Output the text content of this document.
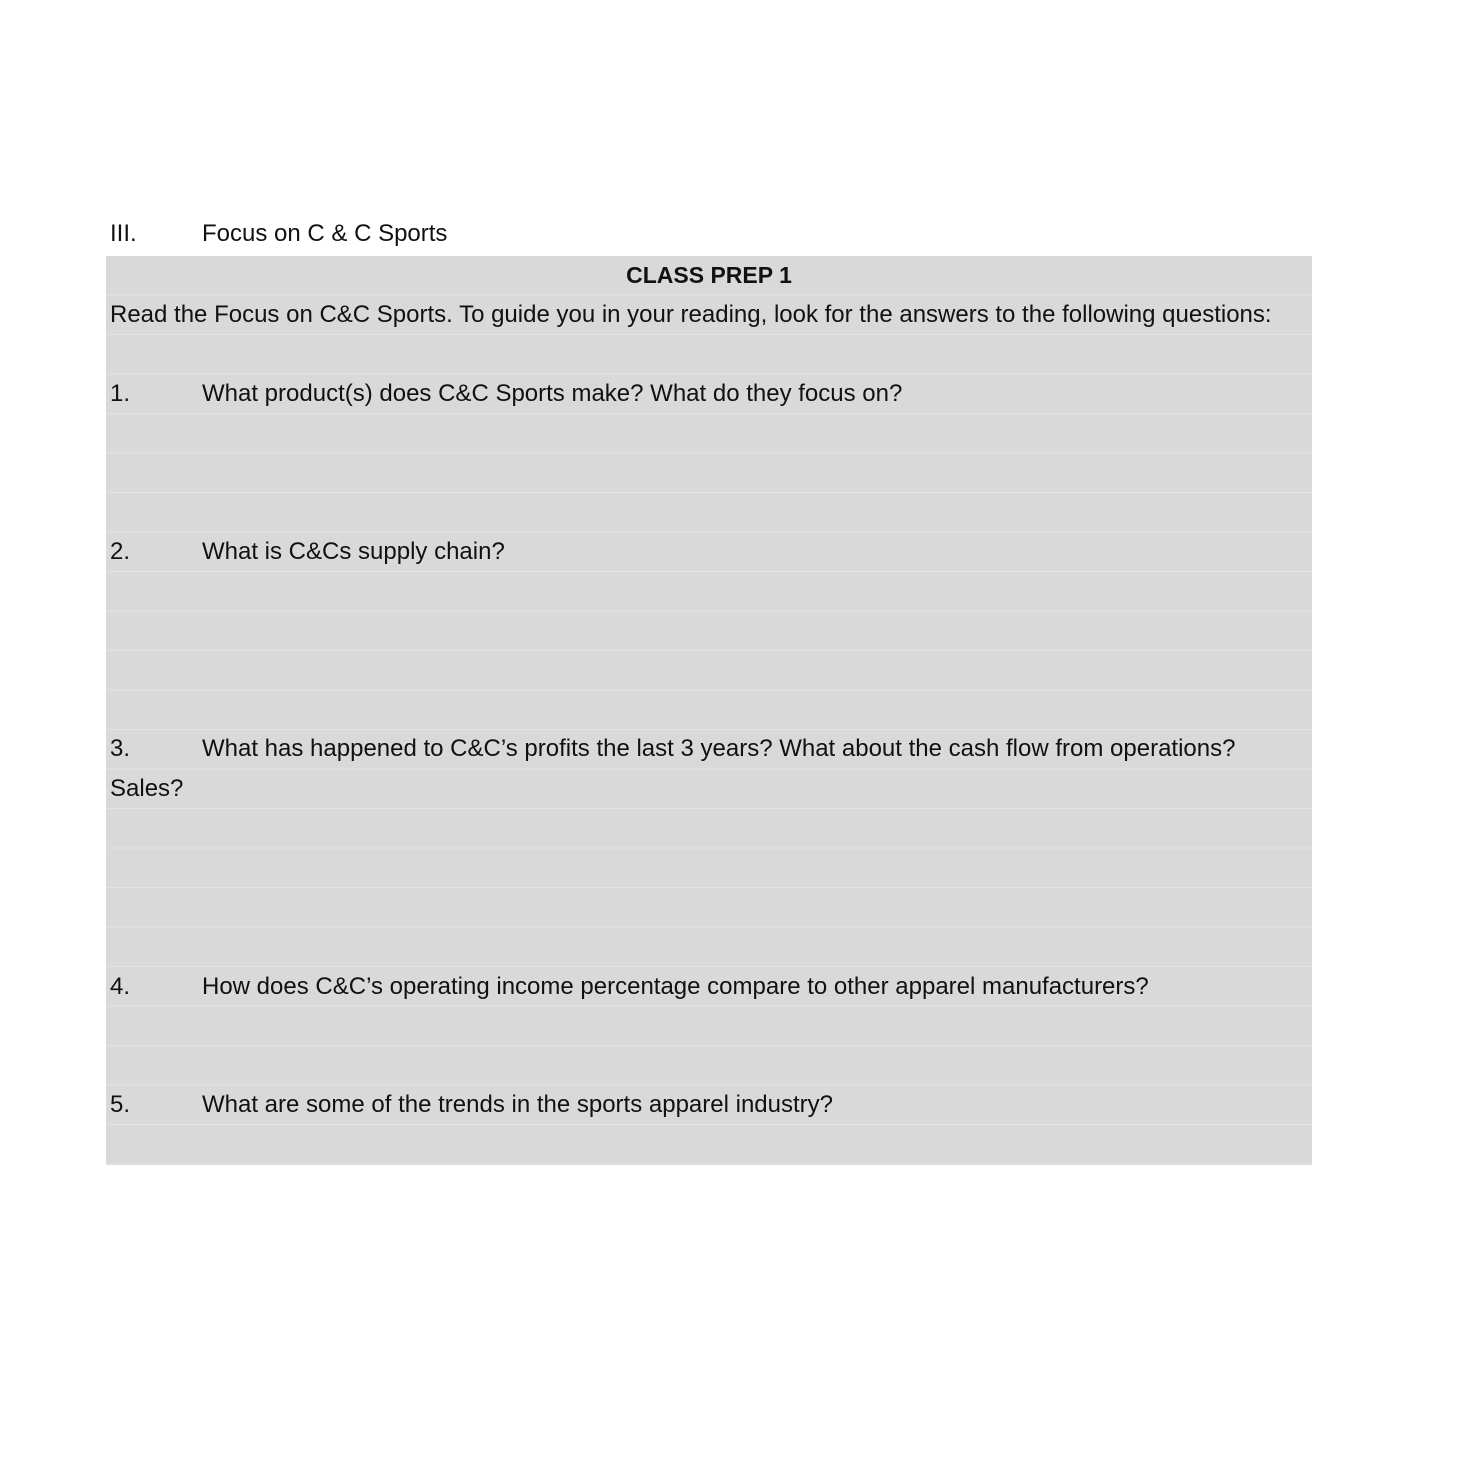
III.	Focus on C & C Sports
CLASS PREP 1
Read the Focus on C&C Sports. To guide you in your reading, look for the answers to the following questions:
1.	What product(s) does C&C Sports make? What do they focus on?
2.	What is C&Cs supply chain?
3.	What has happened to C&C’s profits the last 3 years? What about the cash flow from operations? Sales?
4.	How does C&C’s operating income percentage compare to other apparel manufacturers?
5.	What are some of the trends in the sports apparel industry?
